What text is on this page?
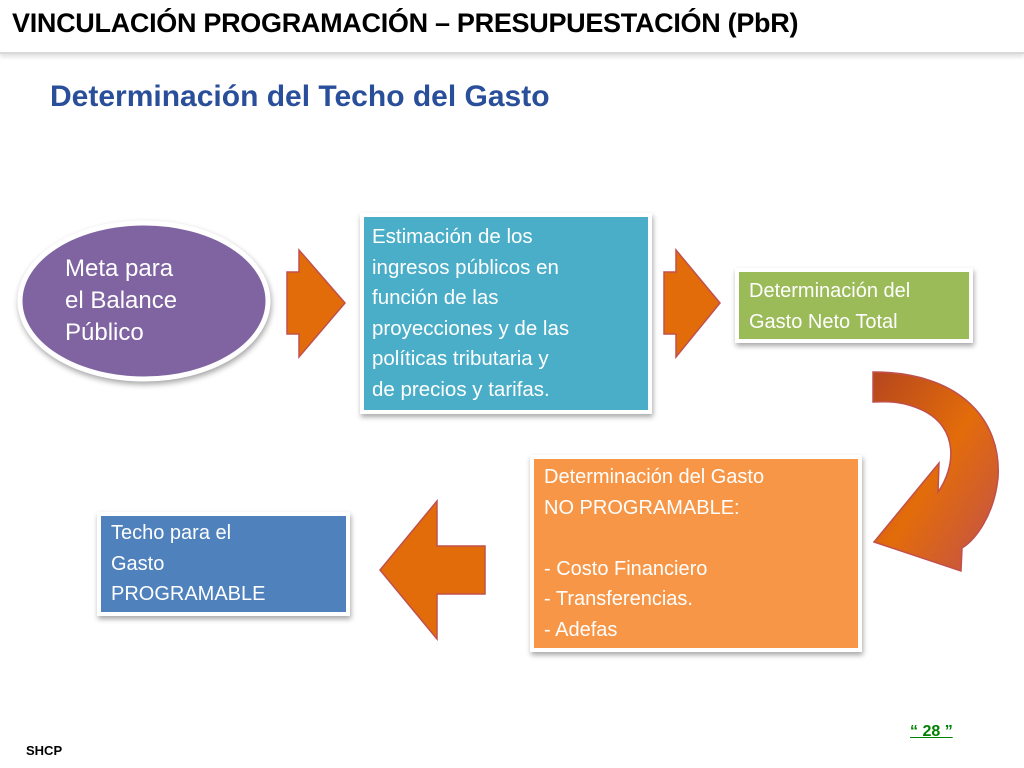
VINCULACIÓN PROGRAMACIÓN – PRESUPUESTACIÓN (PbR)
Determinación del Techo del Gasto
Meta para
el Balance
Público
Estimación de los
ingresos públicos en
función de las
proyecciones y de las
políticas tributaria y
de precios y tarifas.
Determinación del
Gasto Neto Total
Determinación del Gasto
NO PROGRAMABLE:

- Costo Financiero
- Transferencias.
- Adefas
Techo para el
Gasto
PROGRAMABLE
SHCP
“ 28 ”
